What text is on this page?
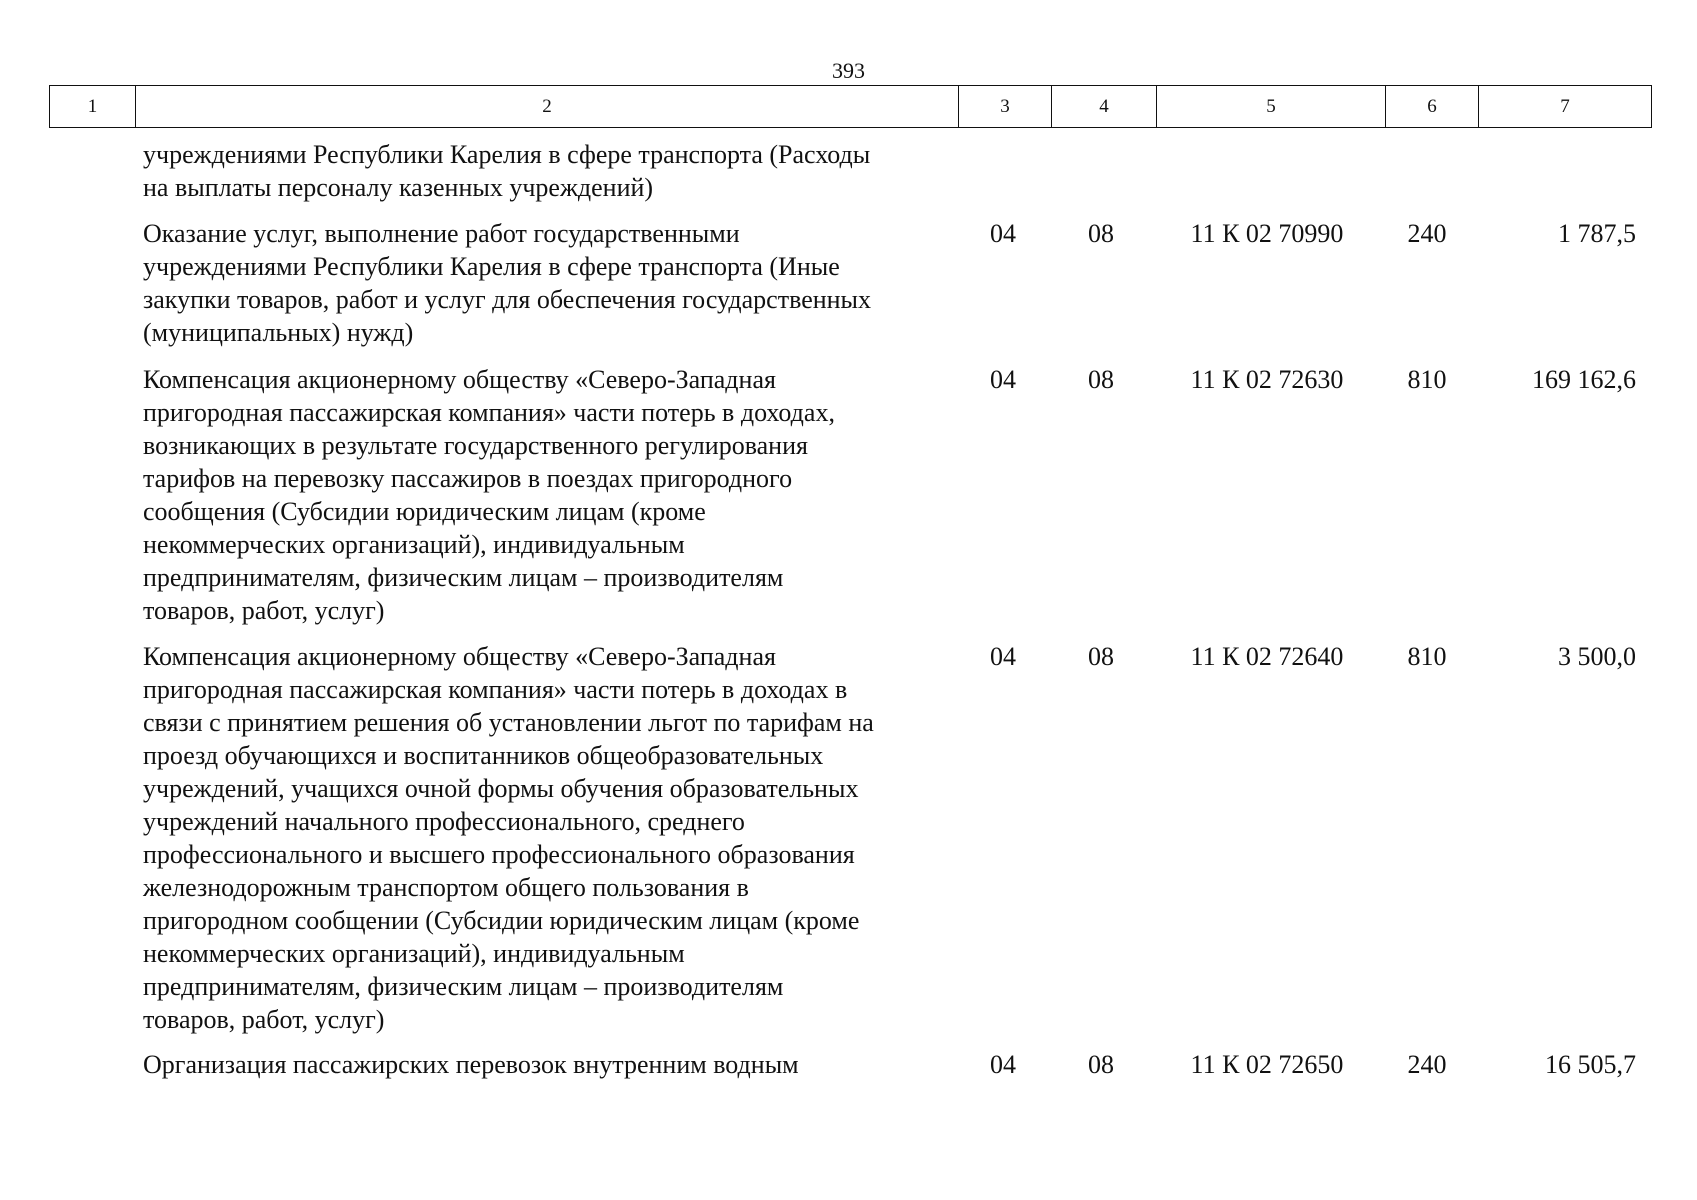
393
1	2	3	4	5	6	7
учреждениями Республики Карелия в сфере транспорта (Расходы
на выплаты персоналу казенных учреждений)
Оказание услуг, выполнение работ государственными
учреждениями Республики Карелия в сфере транспорта (Иные
закупки товаров, работ и услуг для обеспечения государственных
(муниципальных) нужд)
04	08	11 К 02 70990	240	1 787,5
Компенсация акционерному обществу «Северо-Западная
пригородная пассажирская компания» части потерь в доходах,
возникающих в результате государственного регулирования
тарифов на перевозку пассажиров в поездах пригородного
сообщения (Субсидии юридическим лицам (кроме
некоммерческих организаций), индивидуальным
предпринимателям, физическим лицам – производителям
товаров, работ, услуг)
04	08	11 К 02 72630	810	169 162,6
Компенсация акционерному обществу «Северо-Западная
пригородная пассажирская компания» части потерь в доходах в
связи с принятием решения об установлении льгот по тарифам на
проезд обучающихся и воспитанников общеобразовательных
учреждений, учащихся очной формы обучения образовательных
учреждений начального профессионального, среднего
профессионального и высшего профессионального образования
железнодорожным транспортом общего пользования в
пригородном сообщении (Субсидии юридическим лицам (кроме
некоммерческих организаций), индивидуальным
предпринимателям, физическим лицам – производителям
товаров, работ, услуг)
04	08	11 К 02 72640	810	3 500,0
Организация пассажирских перевозок внутренним водным	04	08	11 К 02 72650	240	16 505,7
